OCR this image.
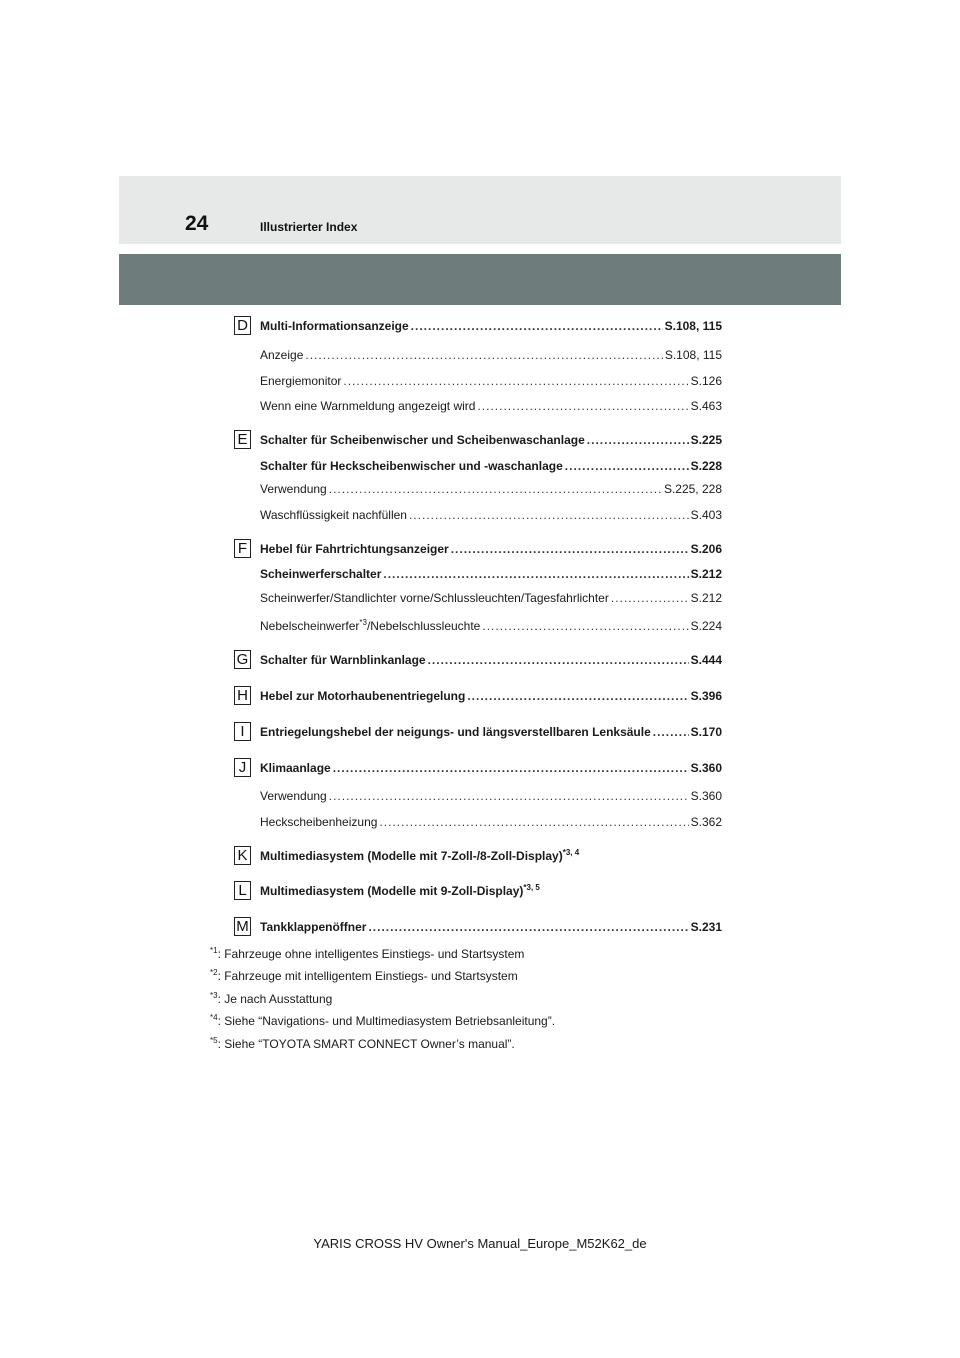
24	Illustrierter Index
D Multi-Informationsanzeige .....	S.108, 115
Anzeige .....	S.108, 115
Energiemonitor .....	S.126
Wenn eine Warnmeldung angezeigt wird .....	S.463
E Schalter für Scheibenwischer und Scheibenwaschanlage .....	S.225
Schalter für Heckscheibenwischer und -waschanlage .....	S.228
Verwendung .....	S.225, 228
Waschflüssigkeit nachfüllen .....	S.403
F	Hebel für Fahrtrichtungsanzeiger .....	S.206
Scheinwerferschalter .....	S.212
Scheinwerfer/Standlichter vorne/Schlussleuchten/Tagesfahrlichter .....	S.212
Nebelscheinwerfer$^{*3}$/Nebelschlussleuchte .....	S.224
G Schalter für Warnblinkanlage .....	S.444
H Hebel zur Motorhaubenentriegelung .....	S.396
I	Entriegelungshebel der neigungs- und längsverstellbaren Lenksäule .....	S.170
J	Klimaanlage .....	S.360
Verwendung .....	S.360
Heckscheibenheizung .....	S.362
K Multimediasystem (Modelle mit 7-Zoll-/8-Zoll-Display)$^{*3, 4}$
L	Multimediasystem (Modelle mit 9-Zoll-Display)$^{*3, 5}$
M Tankklappenöffner .....	S.231
$^{*1}$: Fahrzeuge ohne intelligentes Einstiegs- und Startsystem
$^{*2}$: Fahrzeuge mit intelligentem Einstiegs- und Startsystem
$^{*3}$: Je nach Ausstattung
$^{*4}$: Siehe “Navigations- und Multimediasystem Betriebsanleitung”.
$^{*5}$: Siehe “TOYOTA SMART CONNECT Owner’s manual”.
YARIS CROSS HV Owner's Manual_Europe_M52K62_de
